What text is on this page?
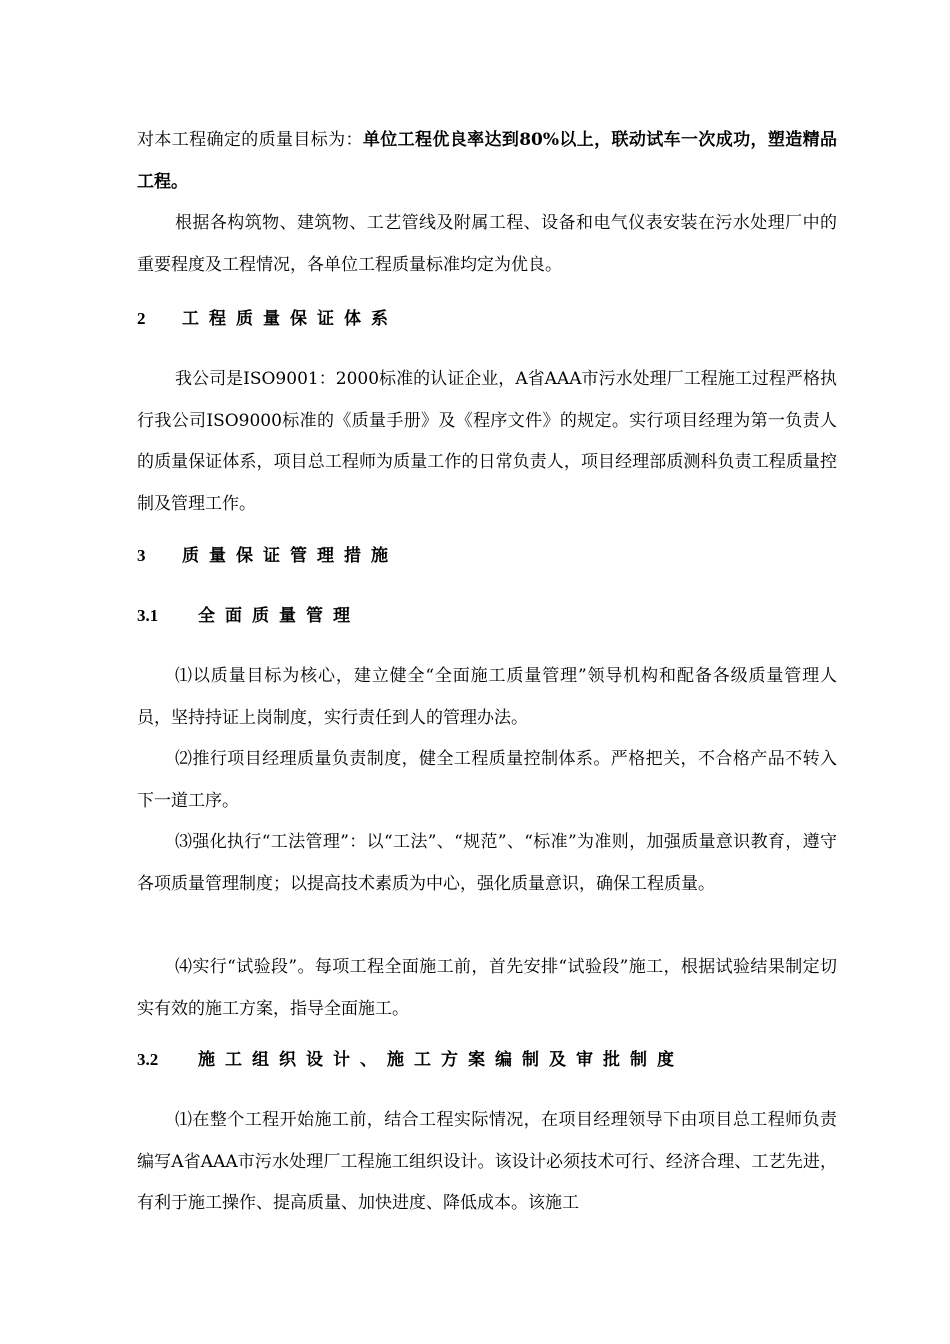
对本工程确定的质量目标为：单位工程优良率达到80%以上，联动试车一次成功，塑造精品工程。

根据各构筑物、建筑物、工艺管线及附属工程、设备和电气仪表安装在污水处理厂中的重要程度及工程情况，各单位工程质量标准均定为优良。

2 工程质量保证体系

我公司是ISO9001：2000标准的认证企业，A省AAA市污水处理厂工程施工过程严格执行我公司ISO9000标准的《质量手册》及《程序文件》的规定。实行项目经理为第一负责人的质量保证体系，项目总工程师为质量工作的日常负责人，项目经理部质测科负责工程质量控制及管理工作。

3 质量保证管理措施
3.1 全面质量管理

⑴以质量目标为核心，建立健全“全面施工质量管理”领导机构和配备各级质量管理人员，坚持持证上岗制度，实行责任到人的管理办法。

⑵推行项目经理质量负责制度，健全工程质量控制体系。严格把关，不合格产品不转入下一道工序。

⑶强化执行“工法管理”：以“工法”、“规范”、“标准”为准则，加强质量意识教育，遵守各项质量管理制度；以提高技术素质为中心，强化质量意识，确保工程质量。

⑷实行“试验段”。每项工程全面施工前，首先安排“试验段”施工，根据试验结果制定切实有效的施工方案，指导全面施工。

3.2 施工组织设计、施工方案编制及审批制度

⑴在整个工程开始施工前，结合工程实际情况，在项目经理领导下由项目总工程师负责编写A省AAA市污水处理厂工程施工组织设计。该设计必须技术可行、经济合理、工艺先进，有利于施工操作、提高质量、加快进度、降低成本。该施工
